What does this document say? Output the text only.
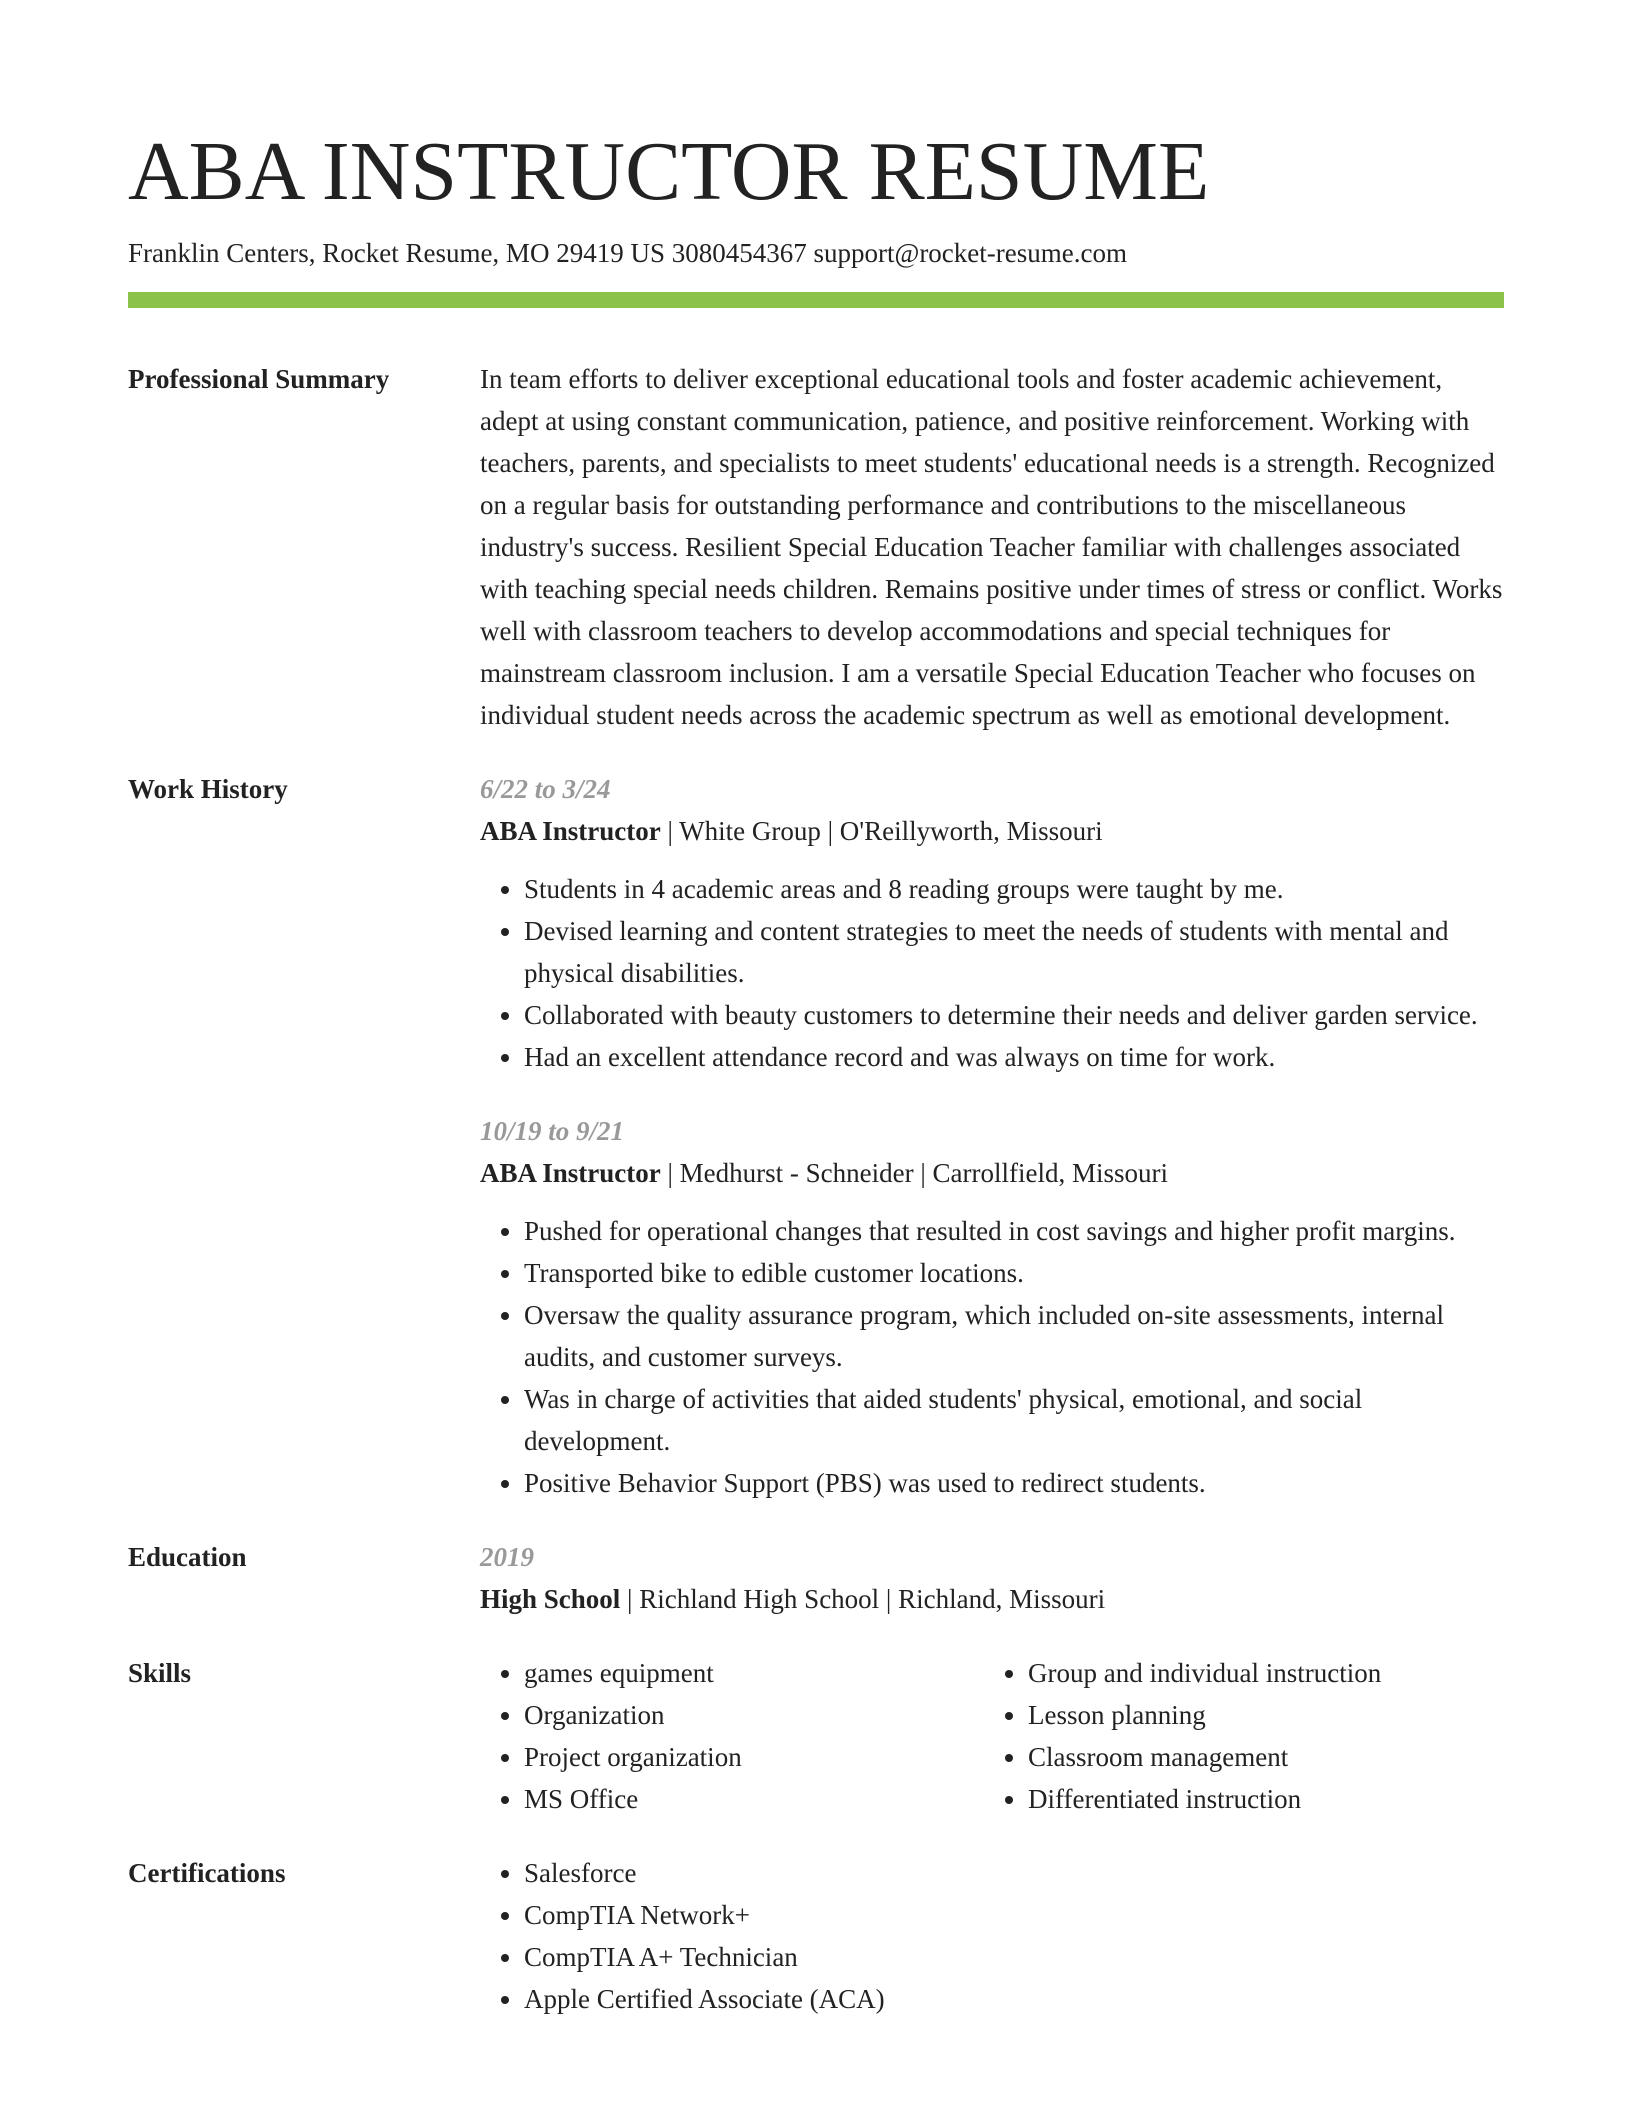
ABA INSTRUCTOR RESUME
Franklin Centers, Rocket Resume, MO 29419 US 3080454367 support@rocket-resume.com
Professional Summary	In team efforts to deliver exceptional educational tools and foster academic achievement, adept at using constant communication, patience, and positive reinforcement. Working with teachers, parents, and specialists to meet students' educational needs is a strength. Recognized on a regular basis for outstanding performance and contributions to the miscellaneous industry's success. Resilient Special Education Teacher familiar with challenges associated with teaching special needs children. Remains positive under times of stress or conflict. Works well with classroom teachers to develop accommodations and special techniques for mainstream classroom inclusion. I am a versatile Special Education Teacher who focuses on individual student needs across the academic spectrum as well as emotional development.
Work History	6/22 to 3/24
ABA Instructor | White Group | O'Reillyworth, Missouri
• Students in 4 academic areas and 8 reading groups were taught by me.
• Devised learning and content strategies to meet the needs of students with mental and physical disabilities.
• Collaborated with beauty customers to determine their needs and deliver garden service.
• Had an excellent attendance record and was always on time for work.
10/19 to 9/21
ABA Instructor | Medhurst - Schneider | Carrollfield, Missouri
• Pushed for operational changes that resulted in cost savings and higher profit margins.
• Transported bike to edible customer locations.
• Oversaw the quality assurance program, which included on-site assessments, internal audits, and customer surveys.
• Was in charge of activities that aided students' physical, emotional, and social development.
• Positive Behavior Support (PBS) was used to redirect students.
Education	2019
High School | Richland High School | Richland, Missouri
Skills	• games equipment
• Organization
• Project organization
• MS Office
• Group and individual instruction
• Lesson planning
• Classroom management
• Differentiated instruction
Certifications	• Salesforce
• CompTIA Network+
• CompTIA A+ Technician
• Apple Certified Associate (ACA)
